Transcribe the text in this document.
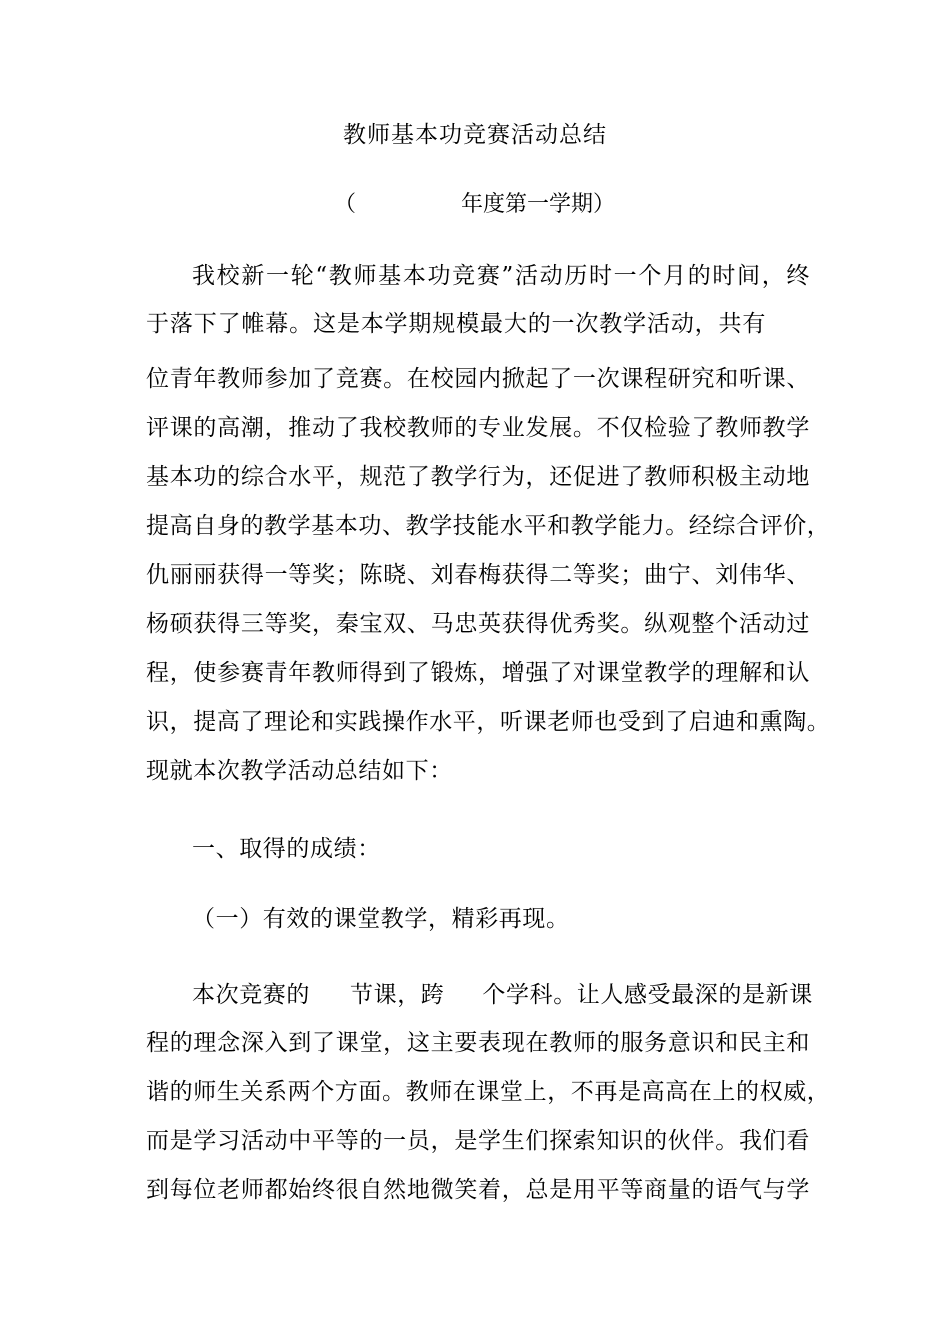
教师基本功竞赛活动总结
（	年度第一学期）
我校新一轮“教师基本功竞赛”活动历时一个月的时间，终
于落下了帷幕。这是本学期规模最大的一次教学活动，共有
位青年教师参加了竞赛。在校园内掀起了一次课程研究和听课、
评课的高潮，推动了我校教师的专业发展。不仅检验了教师教学
基本功的综合水平，规范了教学行为，还促进了教师积极主动地
提高自身的教学基本功、教学技能水平和教学能力。经综合评价，
仇丽丽获得一等奖；陈晓、刘春梅获得二等奖；曲宁、刘伟华、
杨硕获得三等奖，秦宝双、马忠英获得优秀奖。纵观整个活动过
程，使参赛青年教师得到了锻炼，增强了对课堂教学的理解和认
识，提高了理论和实践操作水平，听课老师也受到了启迪和熏陶。
现就本次教学活动总结如下：
一、取得的成绩：
（一）有效的课堂教学，精彩再现。
本次竞赛的 节课，跨 个学科。让人感受最深的是新课
程的理念深入到了课堂，这主要表现在教师的服务意识和民主和
谐的师生关系两个方面。教师在课堂上，不再是高高在上的权威，
而是学习活动中平等的一员，是学生们探索知识的伙伴。我们看
到每位老师都始终很自然地微笑着，总是用平等商量的语气与学
